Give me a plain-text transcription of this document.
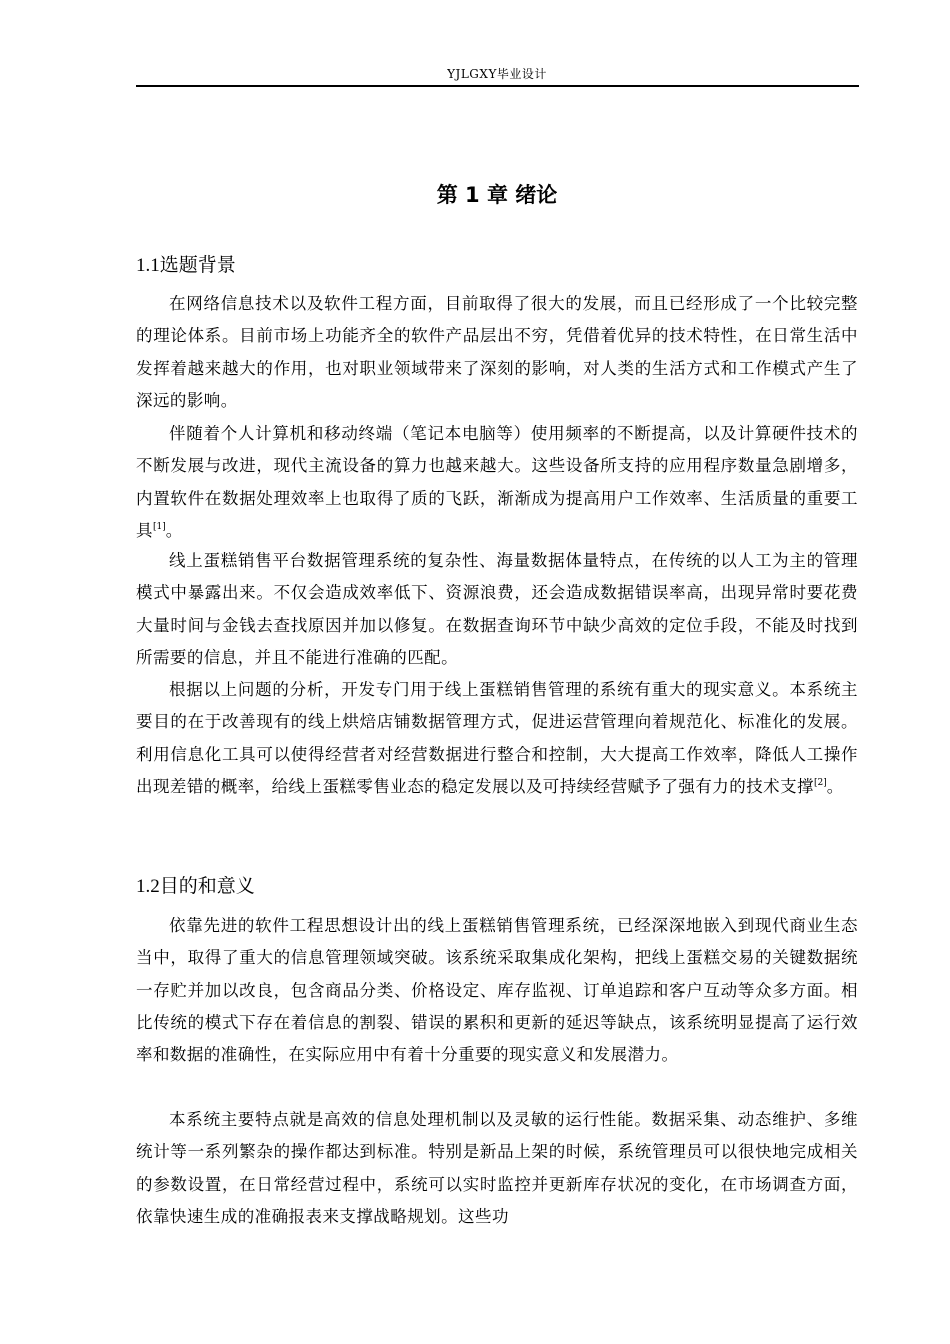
YJLGXY毕业设计
第 1 章 绪论
1.1选题背景

在网络信息技术以及软件工程方面，目前取得了很大的发展，而且已经形成了一个比较完整的理论体系。目前市场上功能齐全的软件产品层出不穷，凭借着优异的技术特性，在日常生活中发挥着越来越大的作用，也对职业领域带来了深刻的影响，对人类的生活方式和工作模式产生了深远的影响。

伴随着个人计算机和移动终端（笔记本电脑等）使用频率的不断提高，以及计算硬件技术的不断发展与改进，现代主流设备的算力也越来越大。这些设备所支持的应用程序数量急剧增多，内置软件在数据处理效率上也取得了质的飞跃，渐渐成为提高用户工作效率、生活质量的重要工具[1]。

线上蛋糕销售平台数据管理系统的复杂性、海量数据体量特点，在传统的以人工为主的管理模式中暴露出来。不仅会造成效率低下、资源浪费，还会造成数据错误率高，出现异常时要花费大量时间与金钱去查找原因并加以修复。在数据查询环节中缺少高效的定位手段，不能及时找到所需要的信息，并且不能进行准确的匹配。

根据以上问题的分析，开发专门用于线上蛋糕销售管理的系统有重大的现实意义。本系统主要目的在于改善现有的线上烘焙店铺数据管理方式，促进运营管理向着规范化、标准化的发展。利用信息化工具可以使得经营者对经营数据进行整合和控制，大大提高工作效率，降低人工操作出现差错的概率，给线上蛋糕零售业态的稳定发展以及可持续经营赋予了强有力的技术支撑[2]。

1.2目的和意义

依靠先进的软件工程思想设计出的线上蛋糕销售管理系统，已经深深地嵌入到现代商业生态当中，取得了重大的信息管理领域突破。该系统采取集成化架构，把线上蛋糕交易的关键数据统一存贮并加以改良，包含商品分类、价格设定、库存监视、订单追踪和客户互动等众多方面。相比传统的模式下存在着信息的割裂、错误的累积和更新的延迟等缺点，该系统明显提高了运行效率和数据的准确性，在实际应用中有着十分重要的现实意义和发展潜力。

本系统主要特点就是高效的信息处理机制以及灵敏的运行性能。数据采集、动态维护、多维统计等一系列繁杂的操作都达到标准。特别是新品上架的时候，系统管理员可以很快地完成相关的参数设置，在日常经营过程中，系统可以实时监控并更新库存状况的变化，在市场调查方面，依靠快速生成的准确报表来支撑战略规划。这些功
